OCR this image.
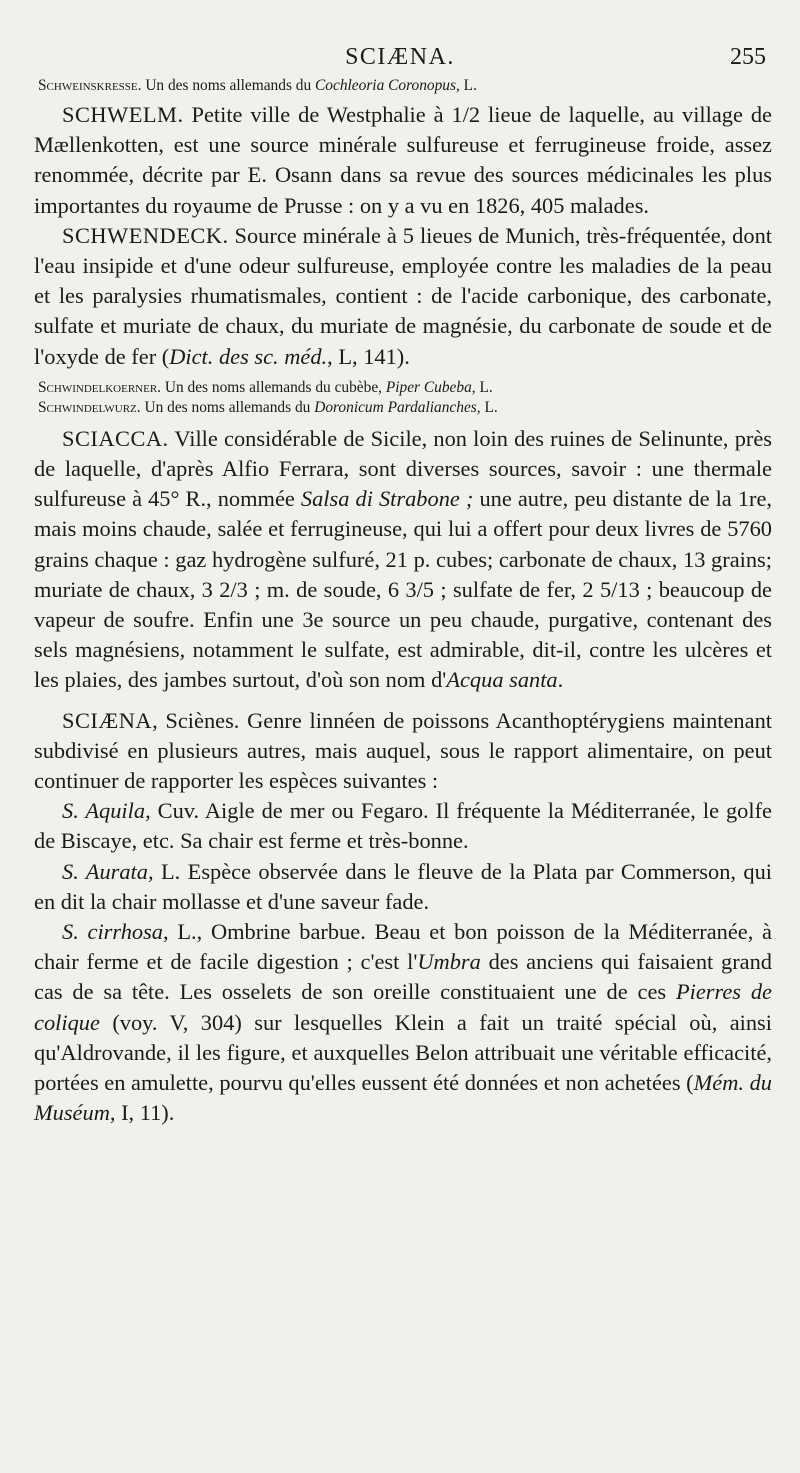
SCIÆNA.	255

Schweinskresse. Un des noms allemands du Cochleoria Coronopus, L.

SCHWELM. Petite ville de Westphalie à 1/2 lieue de laquelle, au village de Mællenkotten, est une source minérale sulfureuse et ferrugineuse froide, assez renommée, décrite par E. Osann dans sa revue des sources médicinales les plus importantes du royaume de Prusse : on y a vu en 1826, 405 malades.

SCHWENDECK. Source minérale à 5 lieues de Munich, très-fréquentée, dont l'eau insipide et d'une odeur sulfureuse, employée contre les maladies de la peau et les paralysies rhumatismales, contient : de l'acide carbonique, des carbonate, sulfate et muriate de chaux, du muriate de magnésie, du carbonate de soude et de l'oxyde de fer (Dict. des sc. méd., L, 141).

Schwindelkoerner. Un des noms allemands du cubèbe, Piper Cubeba, L.

Schwindelwurz. Un des noms allemands du Doronicum Pardalianches, L.

SCIACCA. Ville considérable de Sicile, non loin des ruines de Selinunte, près de laquelle, d'après Alfio Ferrara, sont diverses sources, savoir : une thermale sulfureuse à 45° R., nommée Salsa di Strabone ; une autre, peu distante de la 1re, mais moins chaude, salée et ferrugineuse, qui lui a offert pour deux livres de 5760 grains chaque : gaz hydrogène sulfuré, 21 p. cubes; carbonate de chaux, 13 grains; muriate de chaux, 3 2/3 ; m. de soude, 6 3/5 ; sulfate de fer, 2 5/13 ; beaucoup de vapeur de soufre. Enfin une 3e source un peu chaude, purgative, contenant des sels magnésiens, notamment le sulfate, est admirable, dit-il, contre les ulcères et les plaies, des jambes surtout, d'où son nom d'Acqua santa.

SCIÆNA, Sciènes. Genre linnéen de poissons Acanthoptérygiens maintenant subdivisé en plusieurs autres, mais auquel, sous le rapport alimentaire, on peut continuer de rapporter les espèces suivantes :

S. Aquila, Cuv. Aigle de mer ou Fegaro. Il fréquente la Méditerranée, le golfe de Biscaye, etc. Sa chair est ferme et très-bonne.

S. Aurata, L. Espèce observée dans le fleuve de la Plata par Commerson, qui en dit la chair mollasse et d'une saveur fade.

S. cirrhosa, L., Ombrine barbue. Beau et bon poisson de la Méditerranée, à chair ferme et de facile digestion ; c'est l'Umbra des anciens qui faisaient grand cas de sa tête. Les osselets de son oreille constituaient une de ces Pierres de colique (voy. V, 304) sur lesquelles Klein a fait un traité spécial où, ainsi qu'Aldrovande, il les figure, et auxquelles Belon attribuait une véritable efficacité, portées en amulette, pourvu qu'elles eussent été données et non achetées (Mém. du Muséum, I, 11).
